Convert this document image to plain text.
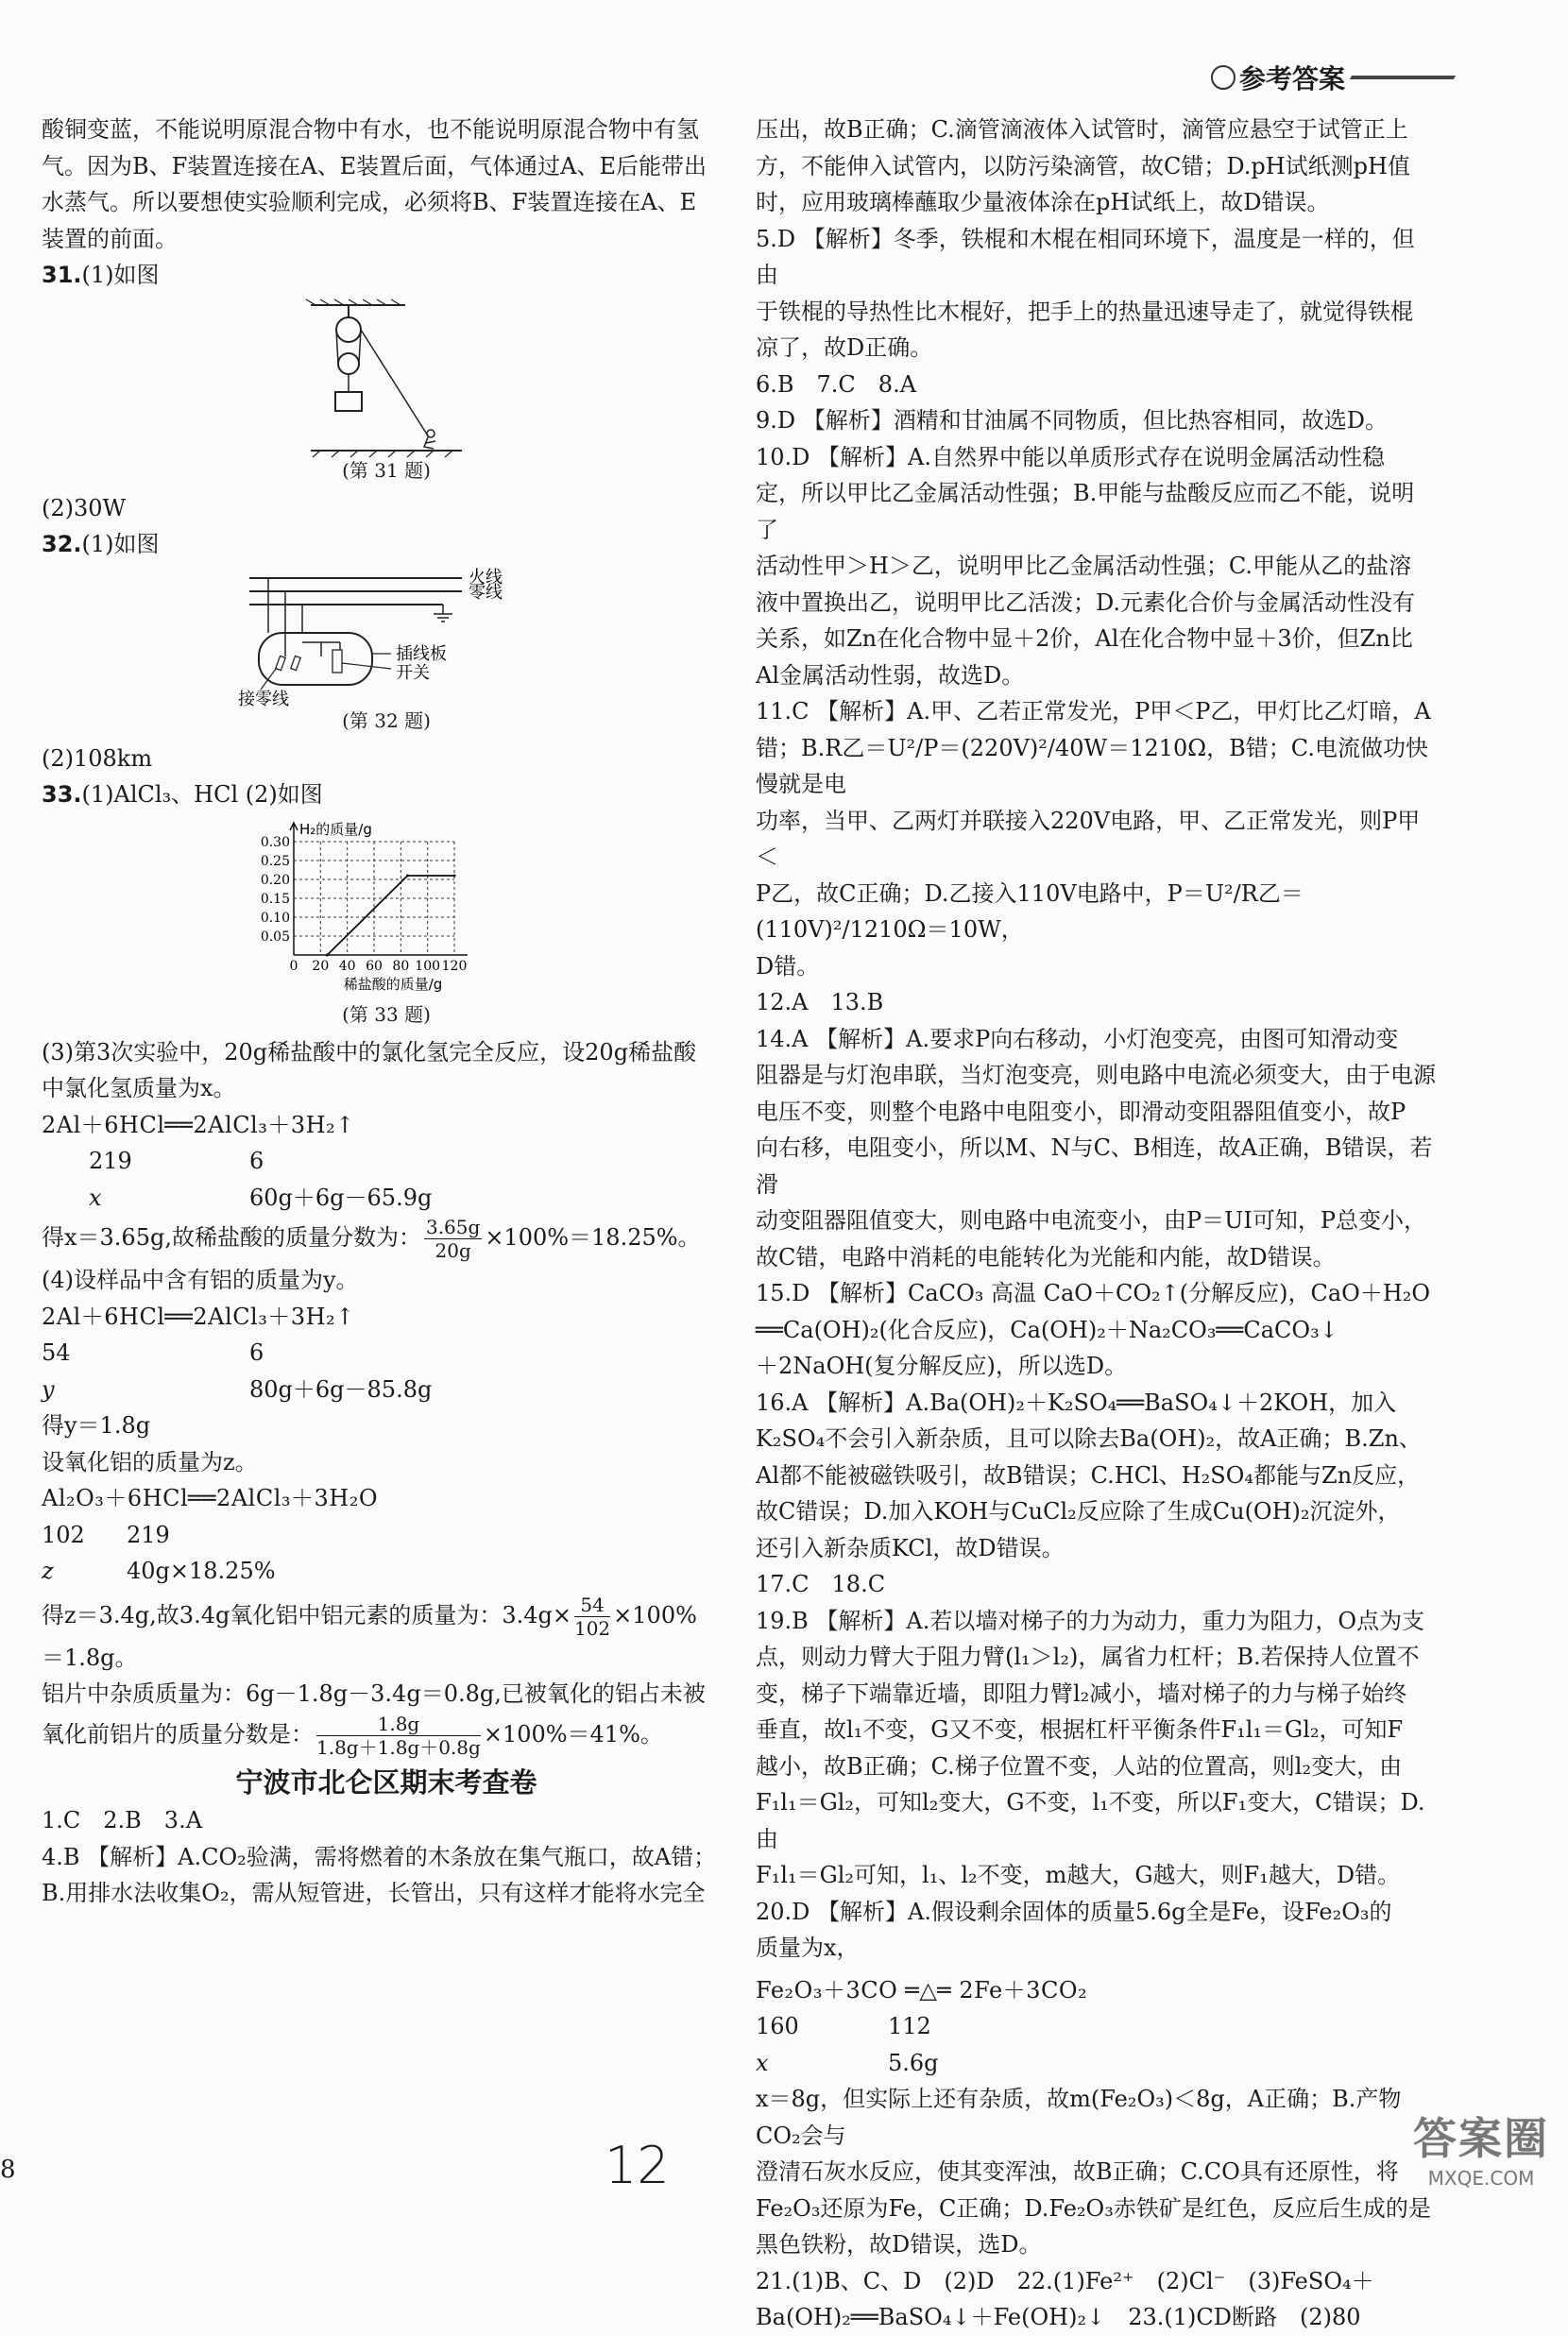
参考答案

酸铜变蓝，不能说明原混合物中有水，也不能说明原混合物中有氢

气。因为B、F装置连接在A、E装置后面，气体通过A、E后能带出

水蒸气。所以要想使实验顺利完成，必须将B、F装置连接在A、E

装置的前面。

31.(1)如图

(第 31 题)

(2)30W

32.(1)如图

火线
零线
插线板
开关
接零线
(第 32 题)

(2)108km

33.(1)AlCl₃、HCl (2)如图

0.05
0.10
0.15
0.20
0.25
0.30
0 20 40 60 80 100 120
H₂的质量/g
稀盐酸的质量/g
(第 33 题)

(3)第3次实验中，20g稀盐酸中的氯化氢完全反应，设20g稀盐酸

中氯化氢质量为x。

2Al＋6HCl══2AlCl₃＋3H₂↑

219	6
x	60g＋6g－65.9g

得x＝3.65g,故稀盐酸的质量分数为： $\frac{3.65g}{20g} \times 100\%=18.25\%$。

(4)设样品中含有铝的质量为y。

2Al＋6HCl══2AlCl₃＋3H₂↑

54	6
y	80g＋6g－85.8g

得y＝1.8g

设氧化铝的质量为z。

Al₂O₃＋6HCl══2AlCl₃＋3H₂O

102	219
z	40g×18.25%

得z＝3.4g,故3.4g氧化铝中铝元素的质量为：$3.4g\times \frac{54}{102} \times 100\%$

＝1.8g。

铝片中杂质质量为：6g－1.8g－3.4g＝0.8g,已被氧化的铝占未被

氧化前铝片的质量分数是： $\frac{1.8g}{1.8g+1.8g+0.8g} \times 100\%=41\%$。

宁波市北仑区期末考查卷

1.C　2.B　3.A

4.B 【解析】A.CO₂验满，需将燃着的木条放在集气瓶口，故A错；

B.用排水法收集O₂，需从短管进，长管出，只有这样才能将水完全

压出，故B正确；C.滴管滴液体入试管时，滴管应悬空于试管正上

方，不能伸入试管内，以防污染滴管，故C错；D.pH试纸测pH值

时，应用玻璃棒蘸取少量液体涂在pH试纸上，故D错误。

5.D 【解析】冬季，铁棍和木棍在相同环境下，温度是一样的，但由

于铁棍的导热性比木棍好，把手上的热量迅速导走了，就觉得铁棍

凉了，故D正确。

6.B　7.C　8.A

9.D 【解析】酒精和甘油属不同物质，但比热容相同，故选D。

10.D 【解析】A.自然界中能以单质形式存在说明金属活动性稳

定，所以甲比乙金属活动性强；B.甲能与盐酸反应而乙不能，说明了

活动性甲＞H＞乙，说明甲比乙金属活动性强；C.甲能从乙的盐溶

液中置换出乙，说明甲比乙活泼；D.元素化合价与金属活动性没有

关系，如Zn在化合物中显＋2价，Al在化合物中显＋3价，但Zn比

Al金属活动性弱，故选D。

11.C 【解析】A.甲、乙若正常发光，P甲＜P乙，甲灯比乙灯暗，A

错；B.R乙＝U²/P＝(220V)²/40W＝1210Ω，B错；C.电流做功快慢就是电

功率，当甲、乙两灯并联接入220V电路，甲、乙正常发光，则P甲＜

P乙，故C正确；D.乙接入110V电路中，P＝U²/R乙＝(110V)²/1210Ω＝10W，

D错。

12.A　13.B

14.A 【解析】A.要求P向右移动，小灯泡变亮，由图可知滑动变

阻器是与灯泡串联，当灯泡变亮，则电路中电流必须变大，由于电源

电压不变，则整个电路中电阻变小，即滑动变阻器阻值变小，故P

向右移，电阻变小，所以M、N与C、B相连，故A正确，B错误，若滑

动变阻器阻值变大，则电路中电流变小，由P＝UI可知，P总变小，

故C错，电路中消耗的电能转化为光能和内能，故D错误。

15.D 【解析】CaCO₃ 高温 CaO＋CO₂↑(分解反应)，CaO＋H₂O

══Ca(OH)₂(化合反应)，Ca(OH)₂＋Na₂CO₃══CaCO₃↓

＋2NaOH(复分解反应)，所以选D。

16.A 【解析】A.Ba(OH)₂＋K₂SO₄══BaSO₄↓＋2KOH，加入

K₂SO₄不会引入新杂质，且可以除去Ba(OH)₂，故A正确；B.Zn、

Al都不能被磁铁吸引，故B错误；C.HCl、H₂SO₄都能与Zn反应，

故C错误；D.加入KOH与CuCl₂反应除了生成Cu(OH)₂沉淀外，

还引入新杂质KCl，故D错误。

17.C　18.C

19.B 【解析】A.若以墙对梯子的力为动力，重力为阻力，O点为支

点，则动力臂大于阻力臂(l₁＞l₂)，属省力杠杆；B.若保持人位置不

变，梯子下端靠近墙，即阻力臂l₂减小，墙对梯子的力与梯子始终

垂直，故l₁不变，G又不变，根据杠杆平衡条件F₁l₁＝Gl₂，可知F

越小，故B正确；C.梯子位置不变，人站的位置高，则l₂变大，由

F₁l₁＝Gl₂，可知l₂变大，G不变，l₁不变，所以F₁变大，C错误；D.由

F₁l₁＝Gl₂可知，l₁、l₂不变，m越大，G越大，则F₁越大，D错。

20.D 【解析】A.假设剩余固体的质量5.6g全是Fe，设Fe₂O₃的

质量为x，

Fe₂O₃＋3CO ═△═ 2Fe＋3CO₂

160	112
x	5.6g

x＝8g，但实际上还有杂质，故m(Fe₂O₃)＜8g，A正确；B.产物CO₂会与

澄清石灰水反应，使其变浑浊，故B正确；C.CO具有还原性，将

Fe₂O₃还原为Fe，C正确；D.Fe₂O₃赤铁矿是红色，反应后生成的是

黑色铁粉，故D错误，选D。

21.(1)B、C、D　(2)D　22.(1)Fe²⁺　(2)Cl⁻　(3)FeSO₄＋

Ba(OH)₂══BaSO₄↓＋Fe(OH)₂↓　23.(1)CD断路　(2)80

8	12	答案圈
MXQE.COM
